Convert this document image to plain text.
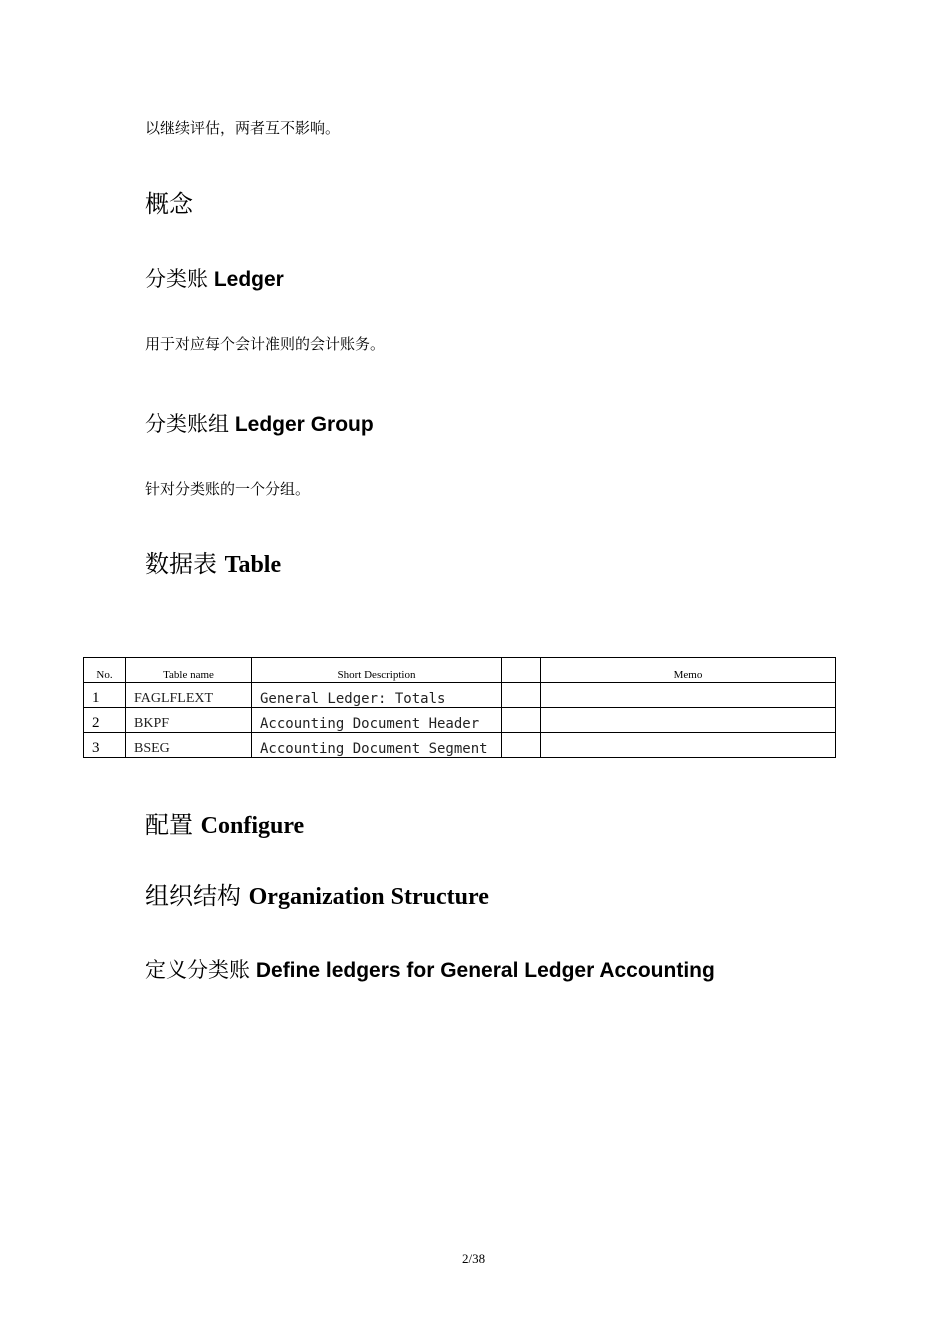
以继续评估，两者互不影响。
概念
分类账 Ledger
用于对应每个会计准则的会计账务。
分类账组 Ledger Group
针对分类账的一个分组。
数据表 Table
No.	Table name	Short Description		Memo
1	FAGLFLEXT	General Ledger: Totals		
2	BKPF	Accounting Document Header		
3	BSEG	Accounting Document Segment		
配置 Configure
组织结构 Organization Structure
定义分类账 Define ledgers for General Ledger Accounting
2/38
